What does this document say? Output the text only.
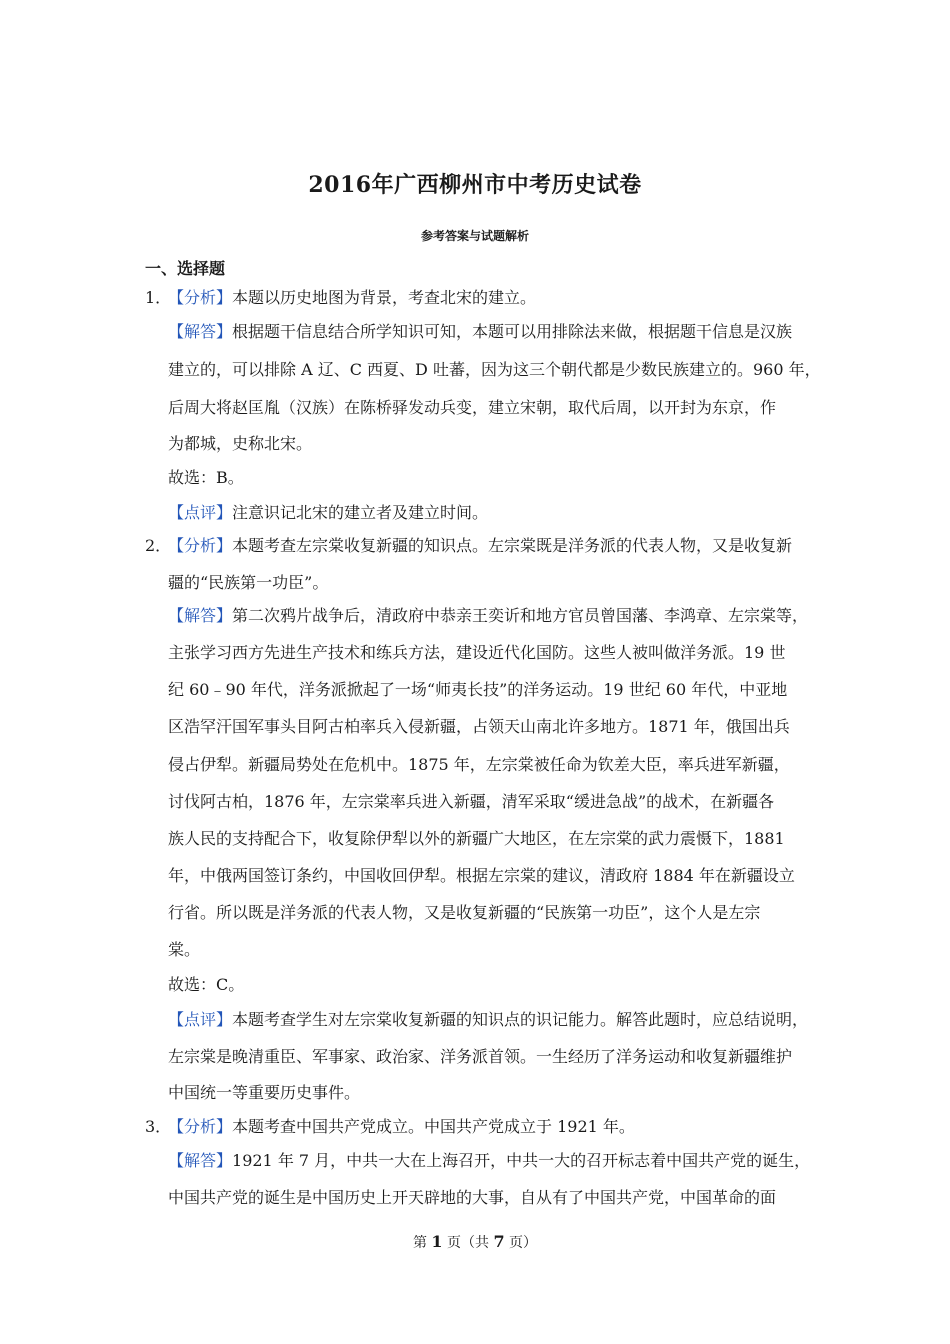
2016年广西柳州市中考历史试卷
参考答案与试题解析
一、选择题
1．
【分析】本题以历史地图为背景，考查北宋的建立。
【解答】根据题干信息结合所学知识可知，本题可以用排除法来做，根据题干信息是汉族
建立的，可以排除 A 辽、C 西夏、D 吐蕃，因为这三个朝代都是少数民族建立的。960 年，
后周大将赵匡胤（汉族）在陈桥驿发动兵变，建立宋朝，取代后周，以开封为东京，作
为都城，史称北宋。
故选：B。
【点评】注意识记北宋的建立者及建立时间。
2．
【分析】本题考查左宗棠收复新疆的知识点。左宗棠既是洋务派的代表人物，又是收复新
疆的“民族第一功臣”。
【解答】第二次鸦片战争后，清政府中恭亲王奕䜣和地方官员曾国藩、李鸿章、左宗棠等，
主张学习西方先进生产技术和练兵方法，建设近代化国防。这些人被叫做洋务派。19 世
纪 60﹣90 年代，洋务派掀起了一场“师夷长技”的洋务运动。19 世纪 60 年代，中亚地
区浩罕汗国军事头目阿古柏率兵入侵新疆，占领天山南北许多地方。1871 年，俄国出兵
侵占伊犁。新疆局势处在危机中。1875 年，左宗棠被任命为钦差大臣，率兵进军新疆，
讨伐阿古柏，1876 年，左宗棠率兵进入新疆，清军采取“缓进急战”的战术，在新疆各
族人民的支持配合下，收复除伊犁以外的新疆广大地区，在左宗棠的武力震慑下，1881
年，中俄两国签订条约，中国收回伊犁。根据左宗棠的建议，清政府 1884 年在新疆设立
行省。所以既是洋务派的代表人物，又是收复新疆的“民族第一功臣”，这个人是左宗
棠。
故选：C。
【点评】本题考查学生对左宗棠收复新疆的知识点的识记能力。解答此题时，应总结说明，
左宗棠是晚清重臣、军事家、政治家、洋务派首领。一生经历了洋务运动和收复新疆维护
中国统一等重要历史事件。
3．
【分析】本题考查中国共产党成立。中国共产党成立于 1921 年。
【解答】1921 年 7 月，中共一大在上海召开，中共一大的召开标志着中国共产党的诞生，
中国共产党的诞生是中国历史上开天辟地的大事，自从有了中国共产党，中国革命的面
第 1 页（共 7 页）
